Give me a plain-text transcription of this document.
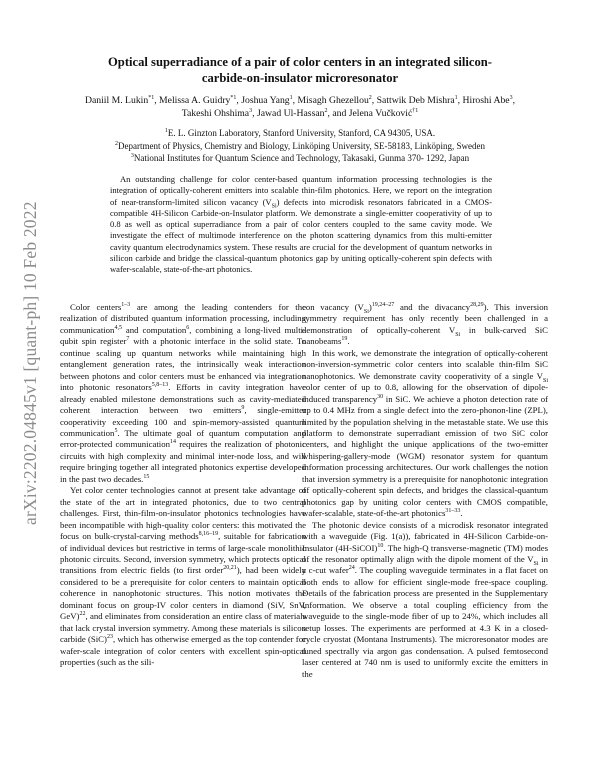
arXiv:2202.04845v1 [quant-ph] 10 Feb 2022
Optical superradiance of a pair of color centers in an integrated silicon-carbide-on-insulator microresonator
Daniil M. Lukin$^{*1}$, Melissa A. Guidry$^{*1}$, Joshua Yang$^1$, Misagh Ghezellou$^2$, Sattwik Deb Mishra$^1$, Hiroshi Abe$^3$, Takeshi Ohshima$^3$, Jawad Ul-Hassan$^2$, and Jelena Vučković$^{\dagger 1}$
$^1$E. L. Ginzton Laboratory, Stanford University, Stanford, CA 94305, USA.
$^2$Department of Physics, Chemistry and Biology, Linköping University, SE-58183, Linköping, Sweden
$^3$National Institutes for Quantum Science and Technology, Takasaki, Gunma 370- 1292, Japan
An outstanding challenge for color center-based quantum information processing technologies is the integration of optically-coherent emitters into scalable thin-film photonics. Here, we report on the integration of near-transform-limited silicon vacancy $(V_{Si})$ defects into microdisk resonators fabricated in a CMOS-compatible 4H-Silicon Carbide-on-Insulator platform. We demonstrate a single-emitter cooperativity of up to 0.8 as well as optical superradiance from a pair of color centers coupled to the same cavity mode. We investigate the effect of multimode interference on the photon scattering dynamics from this multi-emitter cavity quantum electrodynamics system. These results are crucial for the development of quantum networks in silicon carbide and bridge the classical-quantum photonics gap by uniting optically-coherent spin defects with wafer-scalable, state-of-the-art photonics.

Color centers$^{1-3}$ are among the leading contenders for the realization of distributed quantum information processing, including communication$^{4,5}$ and computation$^6$, combining a long-lived multi-qubit spin register$^7$ with a photonic interface in the solid state. To continue scaling up quantum networks while maintaining high entanglement generation rates, the intrinsically weak interaction between photons and color centers must be enhanced via integration into photonic resonators$^{5,8-13}$. Efforts in cavity integration have already enabled milestone demonstrations such as cavity-mediated coherent interaction between two emitters$^9$, single-emitter cooperativity exceeding 100 and spin-memory-assisted quantum communication$^5$. The ultimate goal of quantum computation and error-protected communication$^{14}$ requires the realization of photonic circuits with high complexity and minimal inter-node loss, and will require bringing together all integrated photonics expertise developed in the past two decades.$^{15}$

Yet color center technologies cannot at present take advantage of the state of the art in integrated photonics, due to two central challenges. First, thin-film-on-insulator photonics technologies have been incompatible with high-quality color centers: this motivated the focus on bulk-crystal-carving methods$^{8,16-19}$, suitable for fabrication of individual devices but restrictive in terms of large-scale monolithic photonic circuits. Second, inversion symmetry, which protects optical transitions from electric fields (to first order$^{20,21}$), had been widely considered to be a prerequisite for color centers to maintain optical coherence in nanophotonic structures. This notion motivates the dominant focus on group-IV color centers in diamond (SiV, SnV, GeV)$^{22}$, and eliminates from consideration an entire class of materials that lack crystal inversion symmetry. Among these materials is silicon carbide (SiC)$^{23}$, which has otherwise emerged as the top contender for wafer-scale integration of color centers with excellent spin-optical properties (such as the sili-

con vacancy $(V_{Si})^{19,24-27}$ and the divacancy$^{28,29}$). This inversion symmetry requirement has only recently been challenged in a demonstration of optically-coherent $V_{Si}$ in bulk-carved SiC nanobeams$^{19}$.

In this work, we demonstrate the integration of optically-coherent non-inversion-symmetric color centers into scalable thin-film SiC nanophotonics. We demonstrate cavity cooperativity of a single $V_{Si}$ color center of up to 0.8, allowing for the observation of dipole-induced transparency$^{30}$ in SiC. We achieve a photon detection rate of up to 0.4 MHz from a single defect into the zero-phonon-line (ZPL), limited by the population shelving in the metastable state. We use this platform to demonstrate superradiant emission of two SiC color centers, and highlight the unique applications of the two-emitter whispering-gallery-mode (WGM) resonator system for quantum information processing architectures. Our work challenges the notion that inversion symmetry is a prerequisite for nanophotonic integration of optically-coherent spin defects, and bridges the classical-quantum photonics gap by uniting color centers with CMOS compatible, wafer-scalable, state-of-the-art photonics$^{31-33}$.

The photonic device consists of a microdisk resonator integrated with a waveguide (Fig. 1(a)), fabricated in 4H-Silicon Carbide-on-Insulator (4H-SiCOI)$^{10}$. The high-Q transverse-magnetic (TM) modes of the resonator optimally align with the dipole moment of the $V_{Si}$ in a c-cut wafer$^{24}$. The coupling waveguide terminates in a flat facet on both ends to allow for efficient single-mode free-space coupling. Details of the fabrication process are presented in the Supplementary Information. We observe a total coupling efficiency from the waveguide to the single-mode fiber of up to 24%, which includes all setup losses. The experiments are performed at 4.3 K in a closed-cycle cryostat (Montana Instruments). The microresonator modes are tuned spectrally via argon gas condensation. A pulsed femtosecond laser centered at 740 nm is used to uniformly excite the emitters in the
